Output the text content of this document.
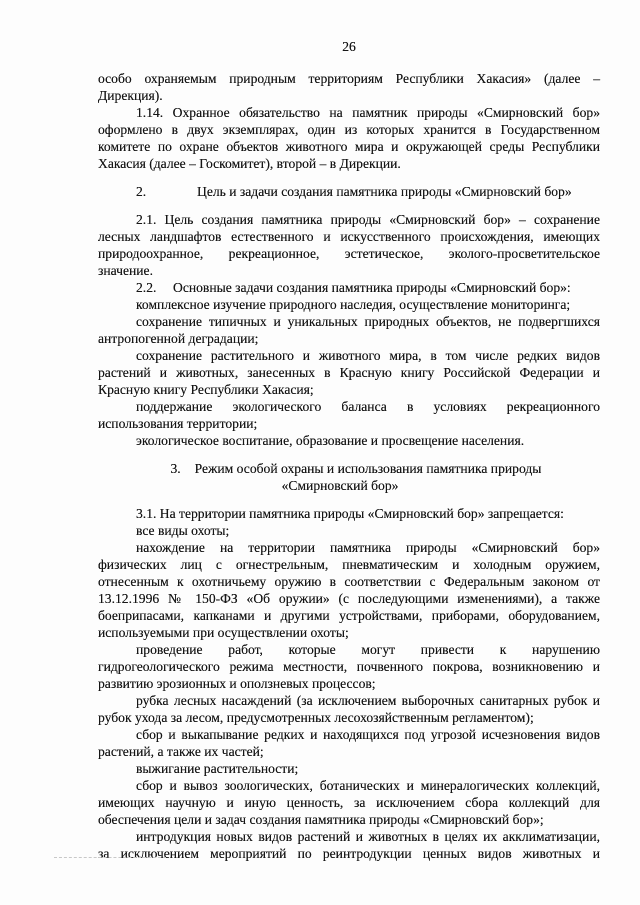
26
особо охраняемым природным территориям Республики Хакасия» (далее –
Дирекция).
1.14. Охранное обязательство на памятник природы «Смирновский бор»
оформлено в двух экземплярах, один из которых хранится в Государственном
комитете по охране объектов животного мира и окружающей среды Республики
Хакасия (далее – Госкомитет), второй – в Дирекции.
2.	Цель и задачи создания памятника природы «Смирновский бор»
2.1. Цель создания памятника природы «Смирновский бор» – сохранение
лесных ландшафтов естественного и искусственного происхождения, имеющих
природоохранное, рекреационное, эстетическое, эколого-просветительское
значение.
2.2. Основные задачи создания памятника природы «Смирновский бор»:
комплексное изучение природного наследия, осуществление мониторинга;
сохранение типичных и уникальных природных объектов, не подвергшихся
антропогенной деградации;
сохранение растительного и животного мира, в том числе редких видов
растений и животных, занесенных в Красную книгу Российской Федерации и
Красную книгу Республики Хакасия;
поддержание экологического баланса в условиях рекреационного
использования территории;
экологическое воспитание, образование и просвещение населения.
3. Режим особой охраны и использования памятника природы
«Смирновский бор»
3.1. На территории памятника природы «Смирновский бор» запрещается:
все виды охоты;
нахождение на территории памятника природы «Смирновский бор»
физических лиц с огнестрельным, пневматическим и холодным оружием,
отнесенным к охотничьему оружию в соответствии с Федеральным законом от
13.12.1996 № 150-ФЗ «Об оружии» (с последующими изменениями), а также
боеприпасами, капканами и другими устройствами, приборами, оборудованием,
используемыми при осуществлении охоты;
проведение работ, которые могут привести к нарушению
гидрогеологического режима местности, почвенного покрова, возникновению и
развитию эрозионных и оползневых процессов;
рубка лесных насаждений (за исключением выборочных санитарных рубок и
рубок ухода за лесом, предусмотренных лесохозяйственным регламентом);
сбор и выкапывание редких и находящихся под угрозой исчезновения видов
растений, а также их частей;
выжигание растительности;
сбор и вывоз зоологических, ботанических и минералогических коллекций,
имеющих научную и иную ценность, за исключением сбора коллекций для
обеспечения цели и задач создания памятника природы «Смирновский бор»;
интродукция новых видов растений и животных в целях их акклиматизации,
за исключением мероприятий по реинтродукции ценных видов животных и
